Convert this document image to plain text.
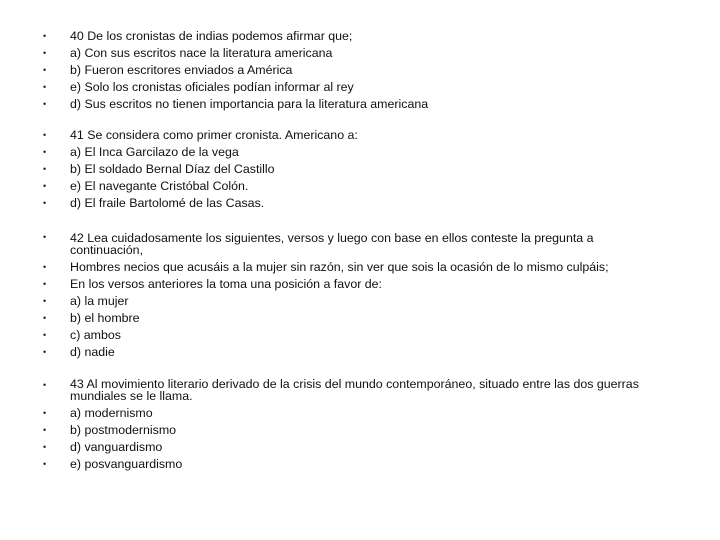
• 40 De los cronistas de indias podemos afirmar que;
• a) Con sus escritos nace la literatura americana
• b) Fueron escritores enviados a América
• e) Solo los cronistas oficiales podían informar al rey
• d) Sus escritos no tienen importancia para la literatura americana
• 41 Se considera como primer cronista. Americano a:
• a) El Inca Garcilazo de la vega
• b) El soldado Bernal Díaz del Castillo
• e) El navegante Cristóbal Colón.
• d) El fraile Bartolomé de las Casas.
• 42 Lea cuidadosamente los siguientes, versos y luego con base en ellos conteste la pregunta a continuación,
• Hombres necios que acusáis a la mujer sin razón, sin ver que sois la ocasión de lo mismo culpáis;
• En los versos anteriores la toma una posición a favor de:
• a) la mujer
• b) el hombre
• c) ambos
• d) nadie
• 43 Al movimiento literario derivado de la crisis del mundo contemporáneo, situado entre las dos guerras mundiales se le llama.
• a) modernismo
• b) postmodernismo
• d) vanguardismo
• e) posvanguardismo
